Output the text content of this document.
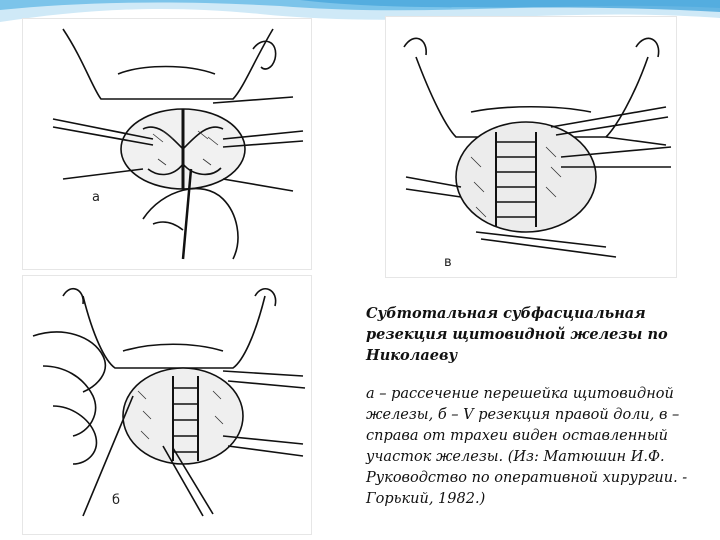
а
в
б

Субтотальная субфасциальная резекция щитовидной железы по Николаеву

а – рассечение перешейка щитовидной железы, б – V резекция правой доли, в – справа от трахеи виден оставленный участок железы. (Из: Матюшин И.Ф. Руководство по оперативной хирургии. - Горький, 1982.)
